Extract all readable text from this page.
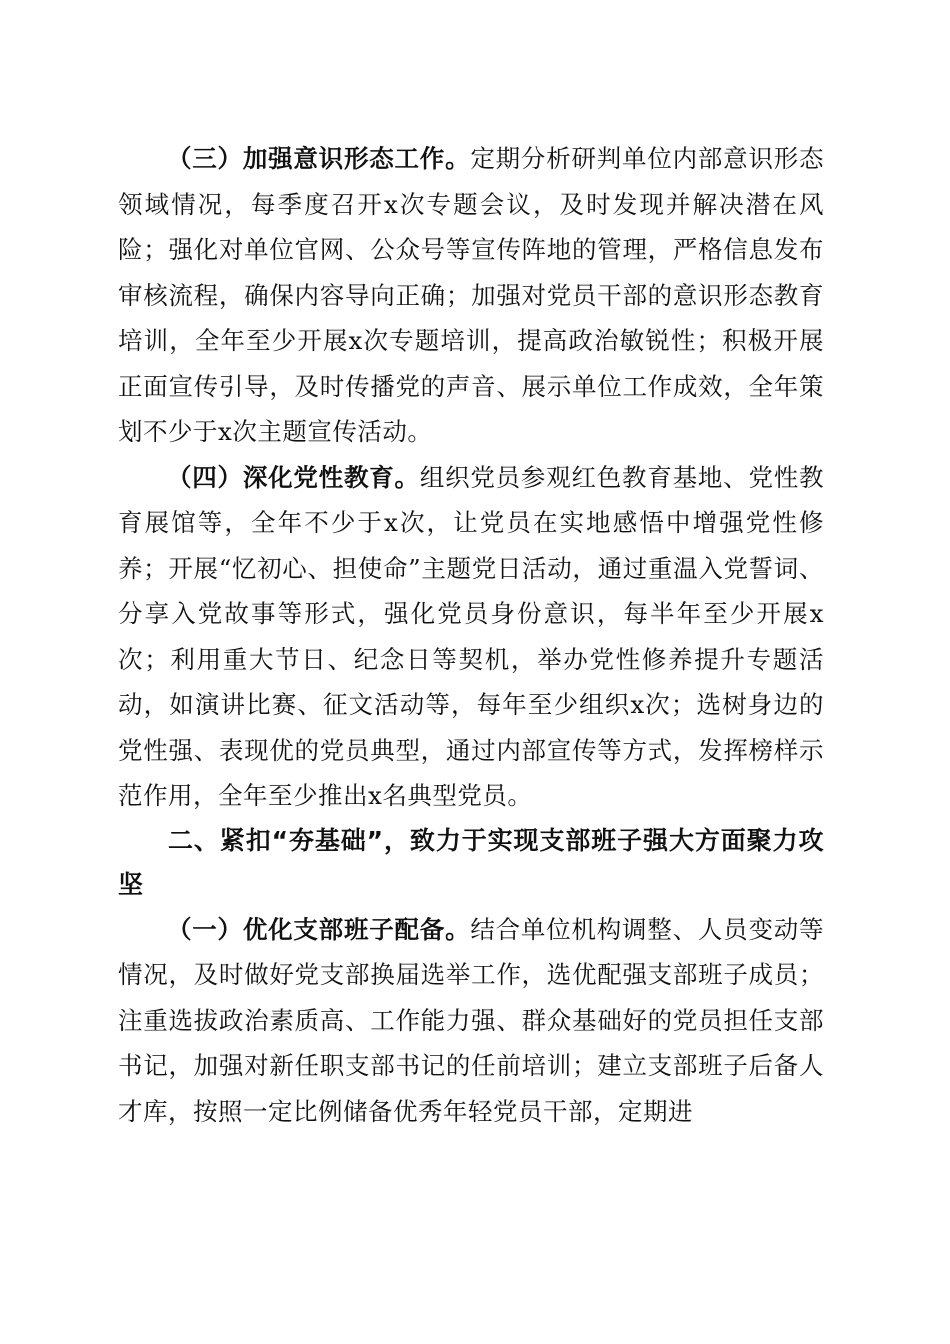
（三）加强意识形态工作。定期分析研判单位内部意识形态领域情况，每季度召开x次专题会议，及时发现并解决潜在风险；强化对单位官网、公众号等宣传阵地的管理，严格信息发布审核流程，确保内容导向正确；加强对党员干部的意识形态教育培训，全年至少开展x次专题培训，提高政治敏锐性；积极开展正面宣传引导，及时传播党的声音、展示单位工作成效，全年策划不少于x次主题宣传活动。

（四）深化党性教育。组织党员参观红色教育基地、党性教育展馆等，全年不少于x次，让党员在实地感悟中增强党性修养；开展“忆初心、担使命”主题党日活动，通过重温入党誓词、分享入党故事等形式，强化党员身份意识，每半年至少开展x次；利用重大节日、纪念日等契机，举办党性修养提升专题活动，如演讲比赛、征文活动等，每年至少组织x次；选树身边的党性强、表现优的党员典型，通过内部宣传等方式，发挥榜样示范作用，全年至少推出x名典型党员。

二、紧扣“夯基础”，致力于实现支部班子强大方面聚力攻坚

（一）优化支部班子配备。结合单位机构调整、人员变动等情况，及时做好党支部换届选举工作，选优配强支部班子成员；注重选拔政治素质高、工作能力强、群众基础好的党员担任支部书记，加强对新任职支部书记的任前培训；建立支部班子后备人才库，按照一定比例储备优秀年轻党员干部，定期进
